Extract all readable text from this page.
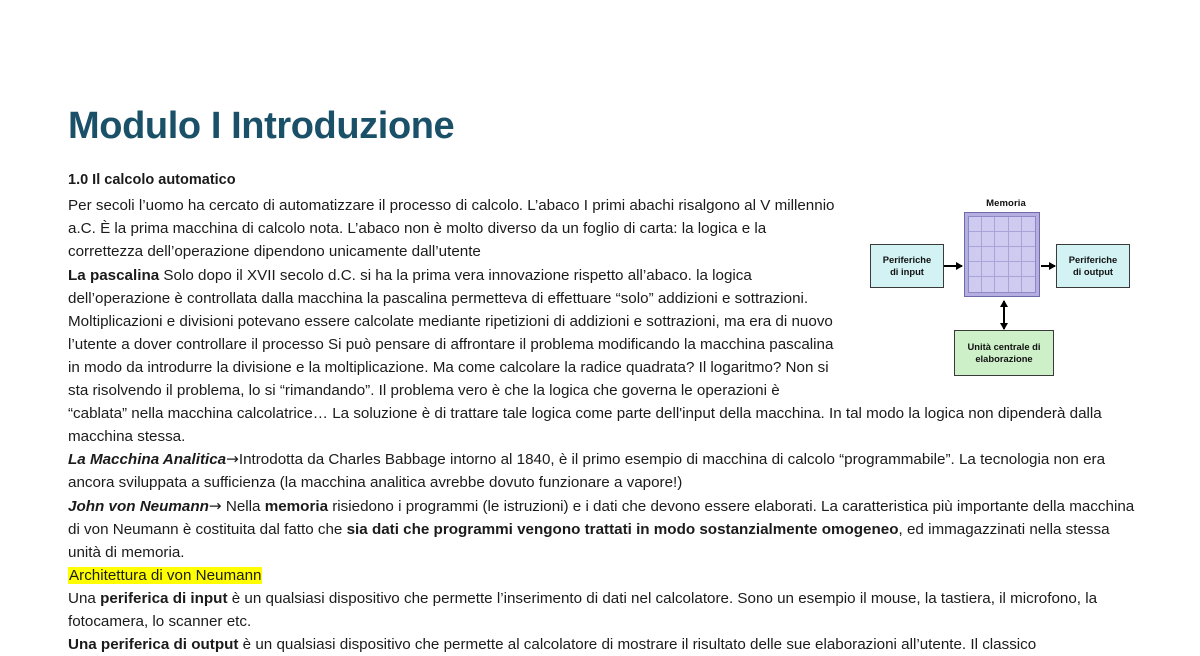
Modulo I Introduzione
1.0 Il calcolo automatico
Memoria
Periferiche
di input
Periferiche
di output
Unità centrale di
elaborazione

Per secoli l’uomo ha cercato di automatizzare il processo di calcolo. L’abaco I primi abachi risalgono al V millennio a.C. È la prima macchina di calcolo nota. L’abaco non è molto diverso da un foglio di carta: la logica e la correttezza dell’operazione dipendono unicamente dall’utente

La pascalina Solo dopo il XVII secolo d.C. si ha la prima vera innovazione rispetto all’abaco. la logica dell’operazione è controllata dalla macchina la pascalina permetteva di effettuare “solo” addizioni e sottrazioni. Moltiplicazioni e divisioni potevano essere calcolate mediante ripetizioni di addizioni e sottrazioni, ma era di nuovo l’utente a dover controllare il processo Si può pensare di affrontare il problema modificando la macchina pascalina in modo da introdurre la divisione e la moltiplicazione. Ma come calcolare la radice quadrata? Il logaritmo? Non si sta risolvendo il problema, lo si “rimandando”. Il problema vero è che la logica che governa le operazioni è “cablata” nella macchina calcolatrice… La soluzione è di trattare tale logica come parte dell'input della macchina. In tal modo la logica non dipenderà dalla macchina stessa.

La Macchina Analitica→Introdotta da Charles Babbage intorno al 1840, è il primo esempio di macchina di calcolo “programmabile”. La tecnologia non era ancora sviluppata a sufficienza (la macchina analitica avrebbe dovuto funzionare a vapore!)

John von Neumann→ Nella memoria risiedono i programmi (le istruzioni) e i dati che devono essere elaborati. La caratteristica più importante della macchina di von Neumann è costituita dal fatto che sia dati che programmi vengono trattati in modo sostanzialmente omogeneo, ed immagazzinati nella stessa unità di memoria.

Architettura di von Neumann

Una periferica di input è un qualsiasi dispositivo che permette l’inserimento di dati nel calcolatore. Sono un esempio il mouse, la tastiera, il microfono, la fotocamera, lo scanner etc.

Una periferica di output è un qualsiasi dispositivo che permette al calcolatore di mostrare il risultato delle sue elaborazioni all’utente. Il classico
